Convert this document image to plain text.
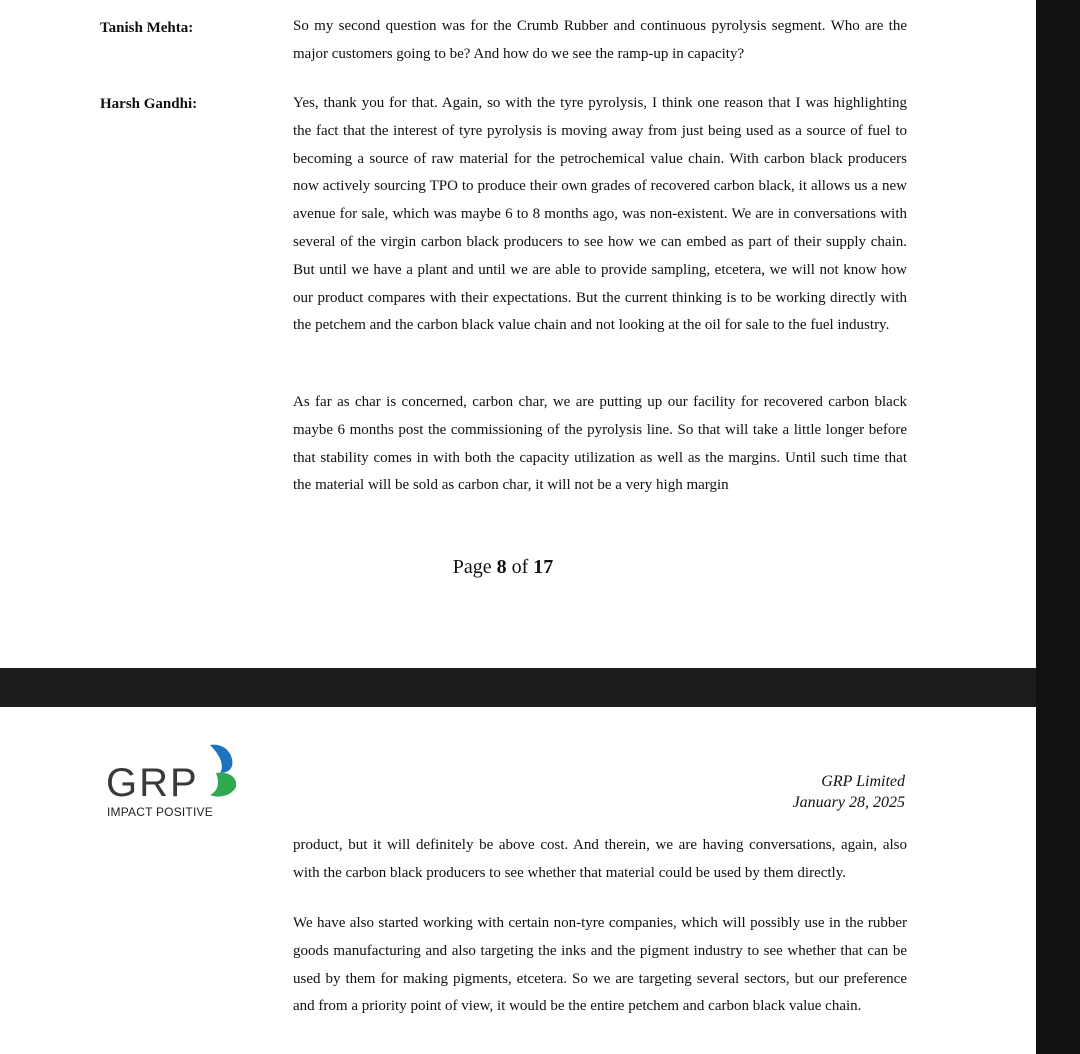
Tanish Mehta:	So my second question was for the Crumb Rubber and continuous pyrolysis segment. Who are the major customers going to be? And how do we see the ramp-up in capacity?

Harsh Gandhi:	Yes, thank you for that. Again, so with the tyre pyrolysis, I think one reason that I was highlighting the fact that the interest of tyre pyrolysis is moving away from just being used as a source of fuel to becoming a source of raw material for the petrochemical value chain. With carbon black producers now actively sourcing TPO to produce their own grades of recovered carbon black, it allows us a new avenue for sale, which was maybe 6 to 8 months ago, was non-existent. We are in conversations with several of the virgin carbon black producers to see how we can embed as part of their supply chain. But until we have a plant and until we are able to provide sampling, etcetera, we will not know how our product compares with their expectations. But the current thinking is to be working directly with the petchem and the carbon black value chain and not looking at the oil for sale to the fuel industry.

As far as char is concerned, carbon char, we are putting up our facility for recovered carbon black maybe 6 months post the commissioning of the pyrolysis line. So that will take a little longer before that stability comes in with both the capacity utilization as well as the margins. Until such time that the material will be sold as carbon char, it will not be a very high margin

Page 8 of 17
GRP
IMPACT POSITIVE
GRP Limited
January 28, 2025

product, but it will definitely be above cost. And therein, we are having conversations, again, also with the carbon black producers to see whether that material could be used by them directly.

We have also started working with certain non-tyre companies, which will possibly use in the rubber goods manufacturing and also targeting the inks and the pigment industry to see whether that can be used by them for making pigments, etcetera. So we are targeting several sectors, but our preference and from a priority point of view, it would be the entire petchem and carbon black value chain.
